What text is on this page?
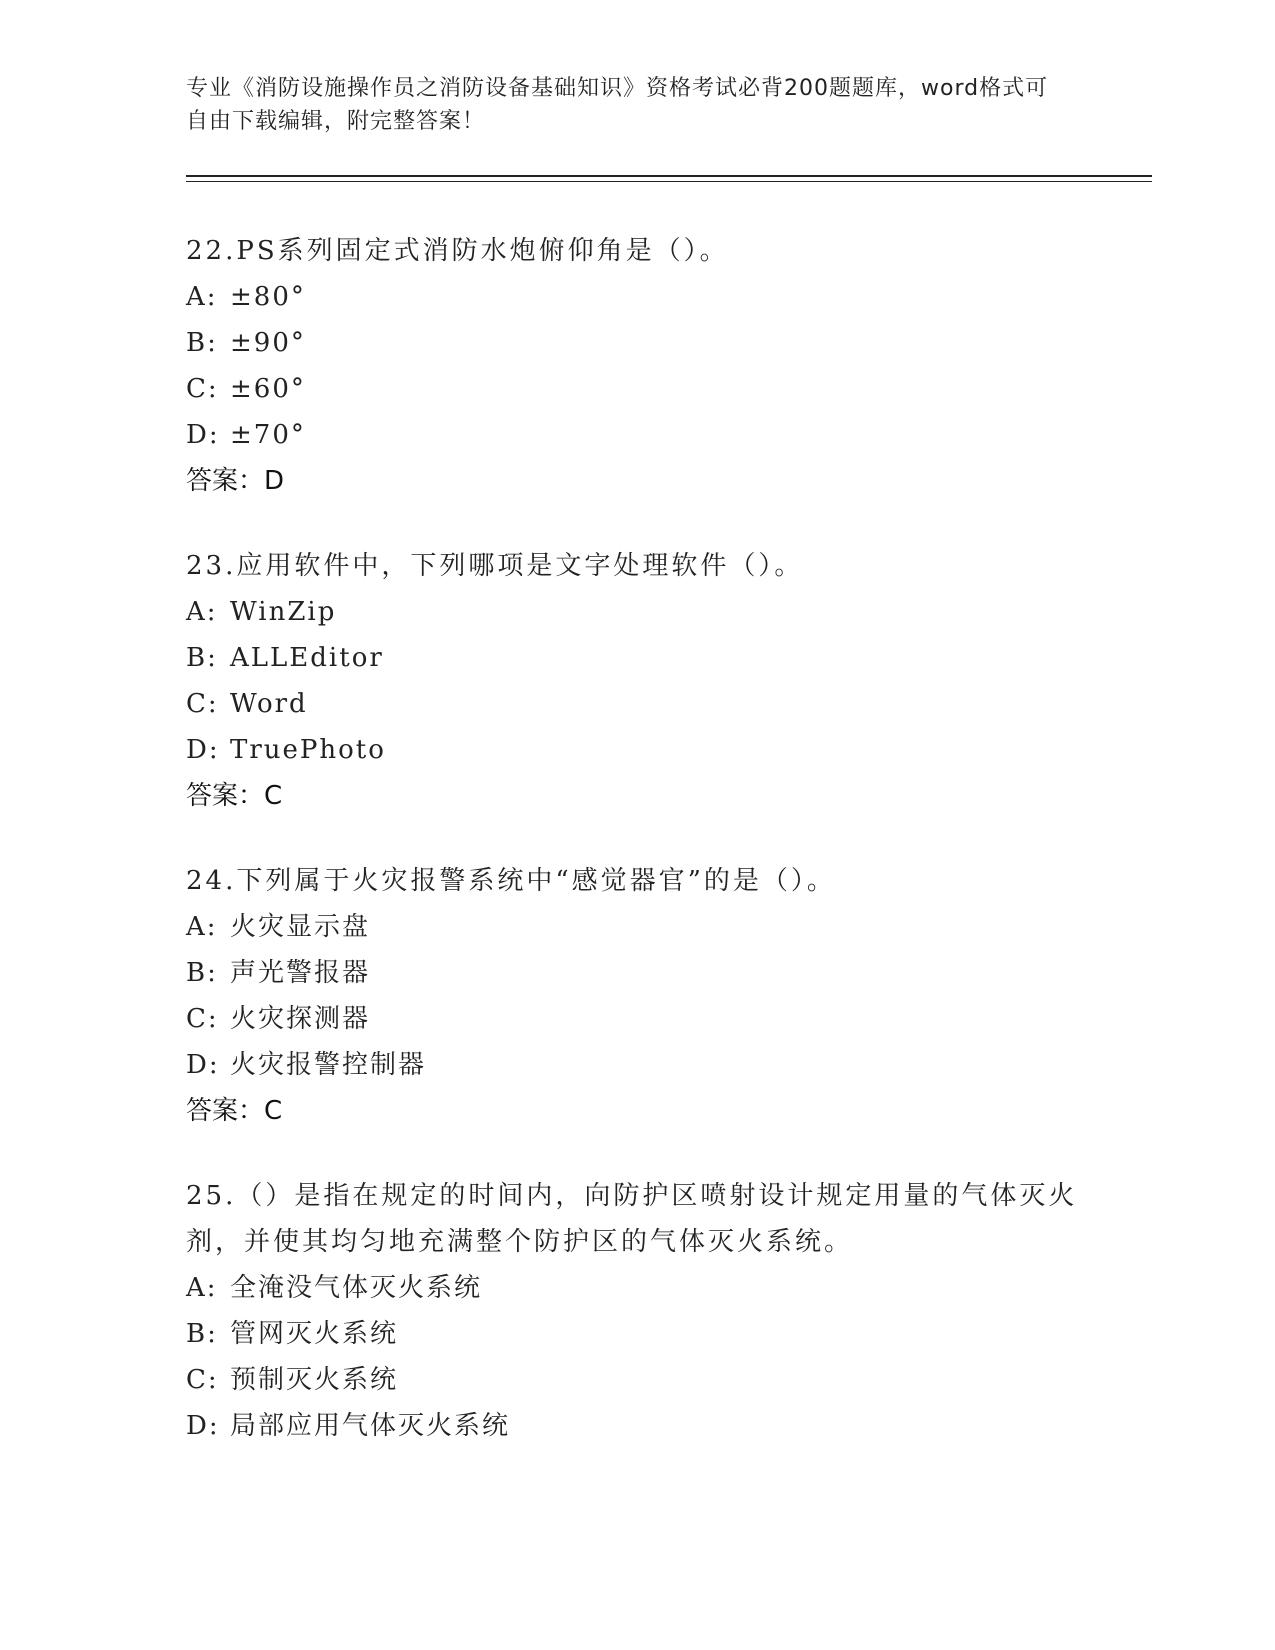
专业《消防设施操作员之消防设备基础知识》资格考试必背200题题库，word格式可自由下载编辑，附完整答案！
22.PS系列固定式消防水炮俯仰角是（）。
A: ±80°
B: ±90°
C: ±60°
D: ±70°
答案：D
23.应用软件中，下列哪项是文字处理软件（）。
A: WinZip
B: ALLEditor
C: Word
D: TruePhoto
答案：C
24.下列属于火灾报警系统中“感觉器官”的是（）。
A: 火灾显示盘
B: 声光警报器
C: 火灾探测器
D: 火灾报警控制器
答案：C
25.（）是指在规定的时间内，向防护区喷射设计规定用量的气体灭火剂，并使其均匀地充满整个防护区的气体灭火系统。
A: 全淹没气体灭火系统
B: 管网灭火系统
C: 预制灭火系统
D: 局部应用气体灭火系统
